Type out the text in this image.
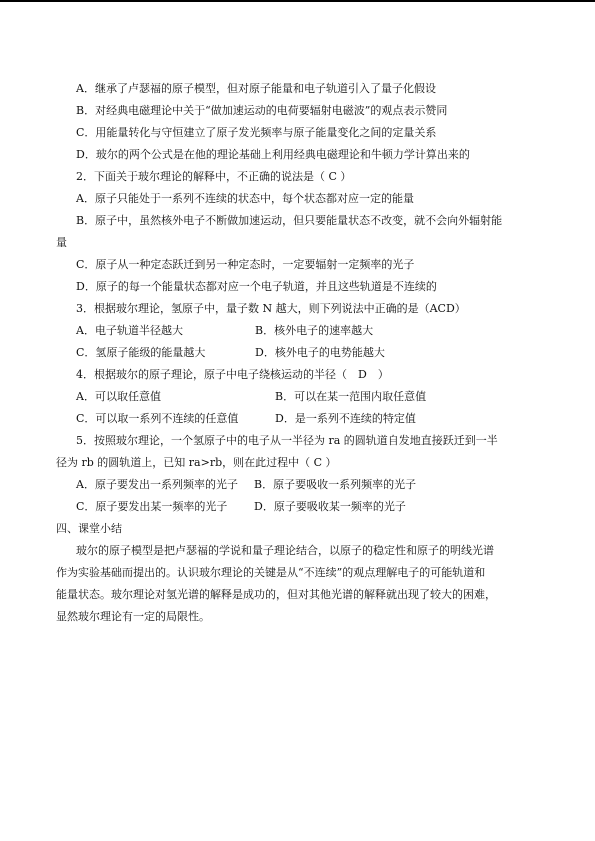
A．继承了卢瑟福的原子模型，但对原子能量和电子轨道引入了量子化假设
B．对经典电磁理论中关于“做加速运动的电荷要辐射电磁波”的观点表示赞同
C．用能量转化与守恒建立了原子发光频率与原子能量变化之间的定量关系
D．玻尔的两个公式是在他的理论基础上利用经典电磁理论和牛顿力学计算出来的
2．下面关于玻尔理论的解释中，不正确的说法是（ C ）
A．原子只能处于一系列不连续的状态中，每个状态都对应一定的能量
B．原子中，虽然核外电子不断做加速运动，但只要能量状态不改变，就不会向外辐射能
量
C．原子从一种定态跃迁到另一种定态时，一定要辐射一定频率的光子
D．原子的每一个能量状态都对应一个电子轨道，并且这些轨道是不连续的
3．根据玻尔理论，氢原子中，量子数 N 越大，则下列说法中正确的是（ACD）
A．电子轨道半径越大	B．核外电子的速率越大
C．氢原子能级的能量越大	D．核外电子的电势能越大
4．根据玻尔的原子理论，原子中电子绕核运动的半径（　D　）
A．可以取任意值	B．可以在某一范围内取任意值
C．可以取一系列不连续的任意值	D．是一系列不连续的特定值
5．按照玻尔理论，一个氢原子中的电子从一半径为 ra 的圆轨道自发地直接跃迁到一半
径为 rb 的圆轨道上，已知 ra>rb，则在此过程中（ C ）
A．原子要发出一系列频率的光子 B．原子要吸收一系列频率的光子
C．原子要发出某一频率的光子 D．原子要吸收某一频率的光子
四、课堂小结
玻尔的原子模型是把卢瑟福的学说和量子理论结合，以原子的稳定性和原子的明线光谱
作为实验基础而提出的。认识玻尔理论的关键是从“不连续”的观点理解电子的可能轨道和
能量状态。玻尔理论对氢光谱的解释是成功的，但对其他光谱的解释就出现了较大的困难，
显然玻尔理论有一定的局限性。
